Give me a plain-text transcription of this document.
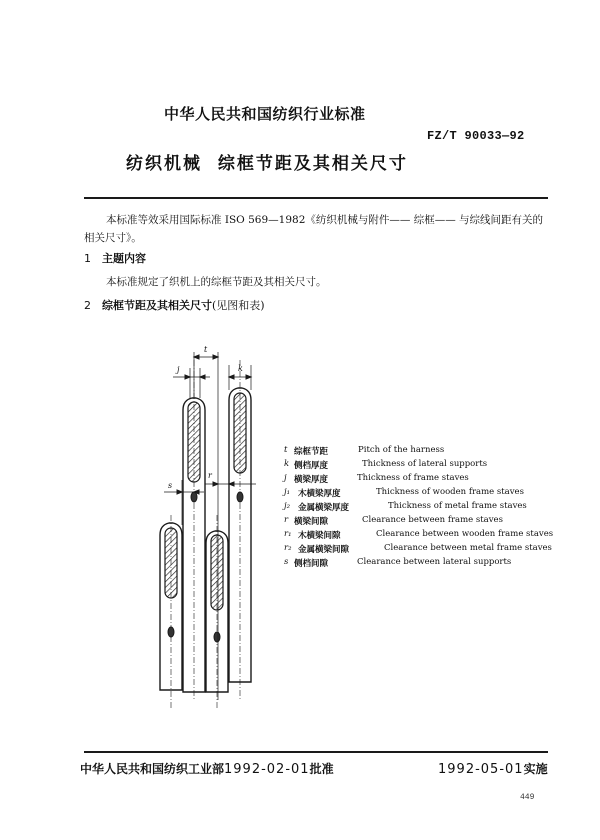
中华人民共和国纺织行业标准
FZ/T 90033—92
纺织机械  综框节距及其相关尺寸
本标准等效采用国际标准 ISO 569—1982《纺织机械与附件—— 综框—— 与综线间距有关的相关尺寸》。
1 主题内容
本标准规定了织机上的综框节距及其相关尺寸。
2 综框节距及其相关尺寸(见图和表)
t
j	k
s
r
t 综框节距	Pitch of the harness
k 侧档厚度	Thickness of lateral supports
j 横梁厚度	Thickness of frame staves
j₁ 木横梁厚度	Thickness of wooden frame staves
j₂ 金属横梁厚度	Thickness of metal frame staves
r 横梁间隙	Clearance between frame staves
r₁ 木横梁间隙	Clearance between wooden frame staves
r₂ 金属横梁间隙	Clearance between metal frame staves
s 侧档间隙	Clearance between lateral supports
中华人民共和国纺织工业部1992-02-01批准	1992-05-01实施
449
